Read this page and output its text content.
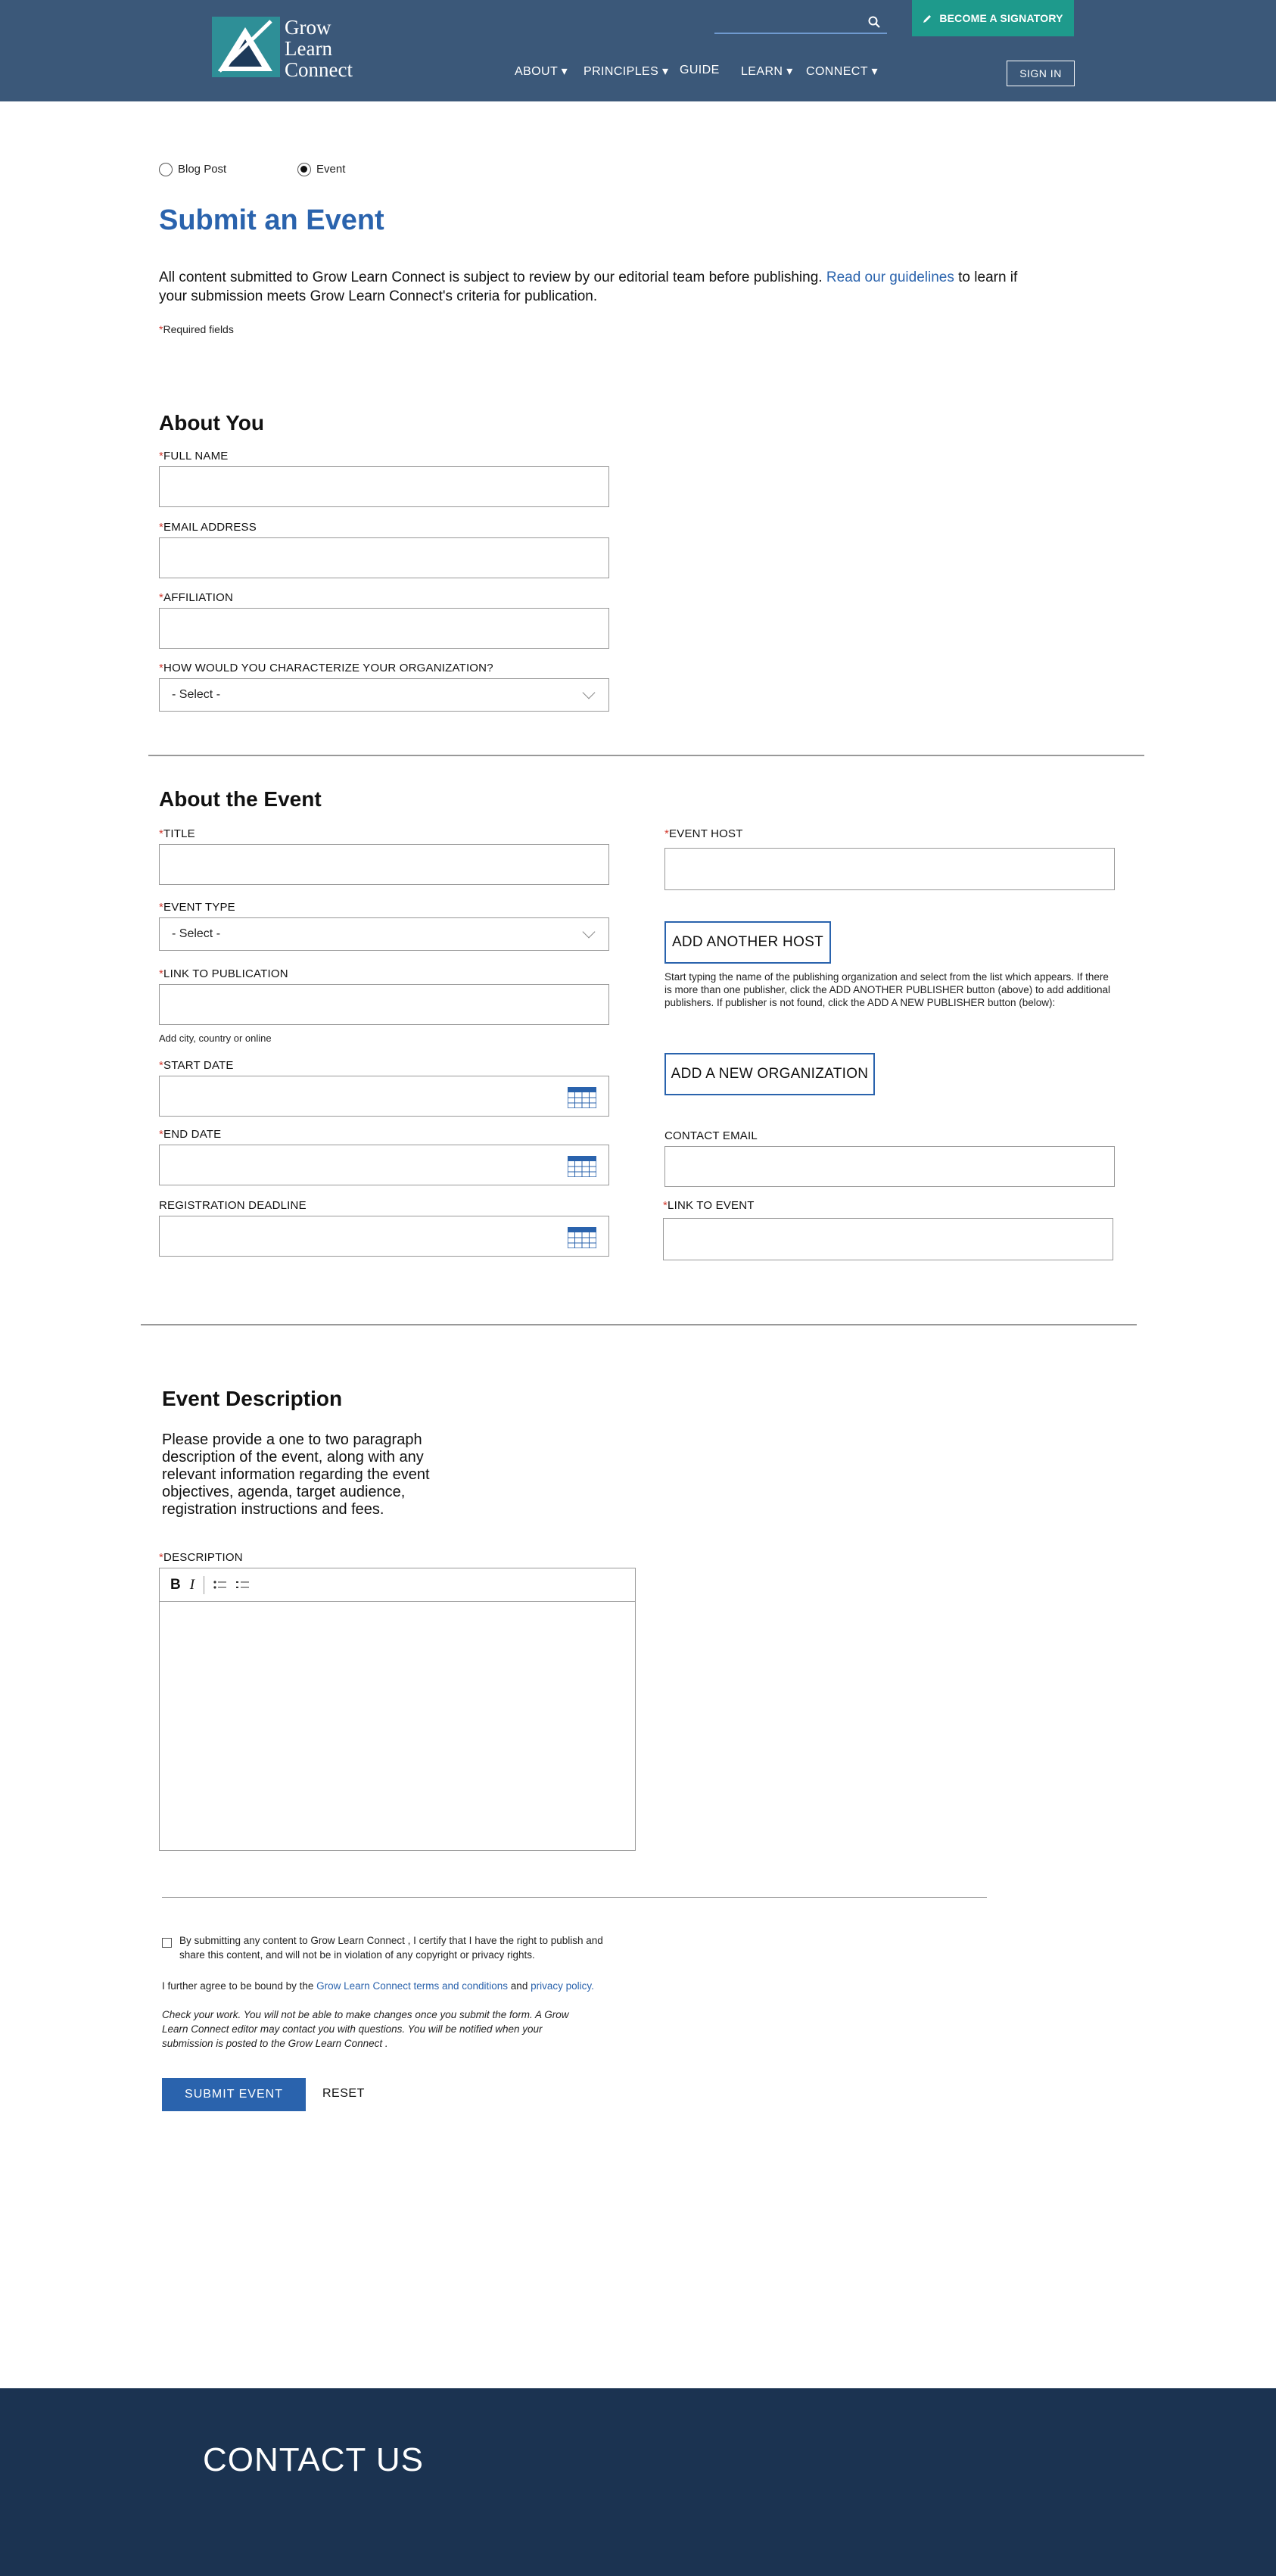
Grow
Learn
Connect
BECOME A SIGNATORY
ABOUT ▾ PRINCIPLES ▾ GUIDE LEARN ▾ CONNECT ▾	SIGN IN
Blog Post	Event
Submit an Event

All content submitted to Grow Learn Connect is subject to review by our editorial team before publishing. Read our guidelines to learn if your submission meets Grow Learn Connect's criteria for publication.

*Required fields
About You
*FULL NAME
*EMAIL ADDRESS
*AFFILIATION
*HOW WOULD YOU CHARACTERIZE YOUR ORGANIZATION?
- Select -
About the Event
*TITLE
*EVENT TYPE
- Select -
*LINK TO PUBLICATION
Add city, country or online
*START DATE
*END DATE
REGISTRATION DEADLINE
*EVENT HOST
ADD ANOTHER HOST
Start typing the name of the publishing organization and select from the list which appears. If there is more than one publisher, click the ADD ANOTHER PUBLISHER button (above) to add additional publishers. If publisher is not found, click the ADD A NEW PUBLISHER button (below):
ADD A NEW ORGANIZATION
CONTACT EMAIL
*LINK TO EVENT
Event Description

Please provide a one to two paragraph description of the event, along with any relevant information regarding the event objectives, agenda, target audience, registration instructions and fees.

*DESCRIPTION
B I

By submitting any content to Grow Learn Connect , I certify that I have the right to publish and share this content, and will not be in violation of any copyright or privacy rights.

I further agree to be bound by the Grow Learn Connect terms and conditions and privacy policy.

Check your work. You will not be able to make changes once you submit the form. A Grow Learn Connect editor may contact you with questions. You will be notified when your submission is posted to the Grow Learn Connect .

SUBMIT EVENT	RESET
CONTACT US
